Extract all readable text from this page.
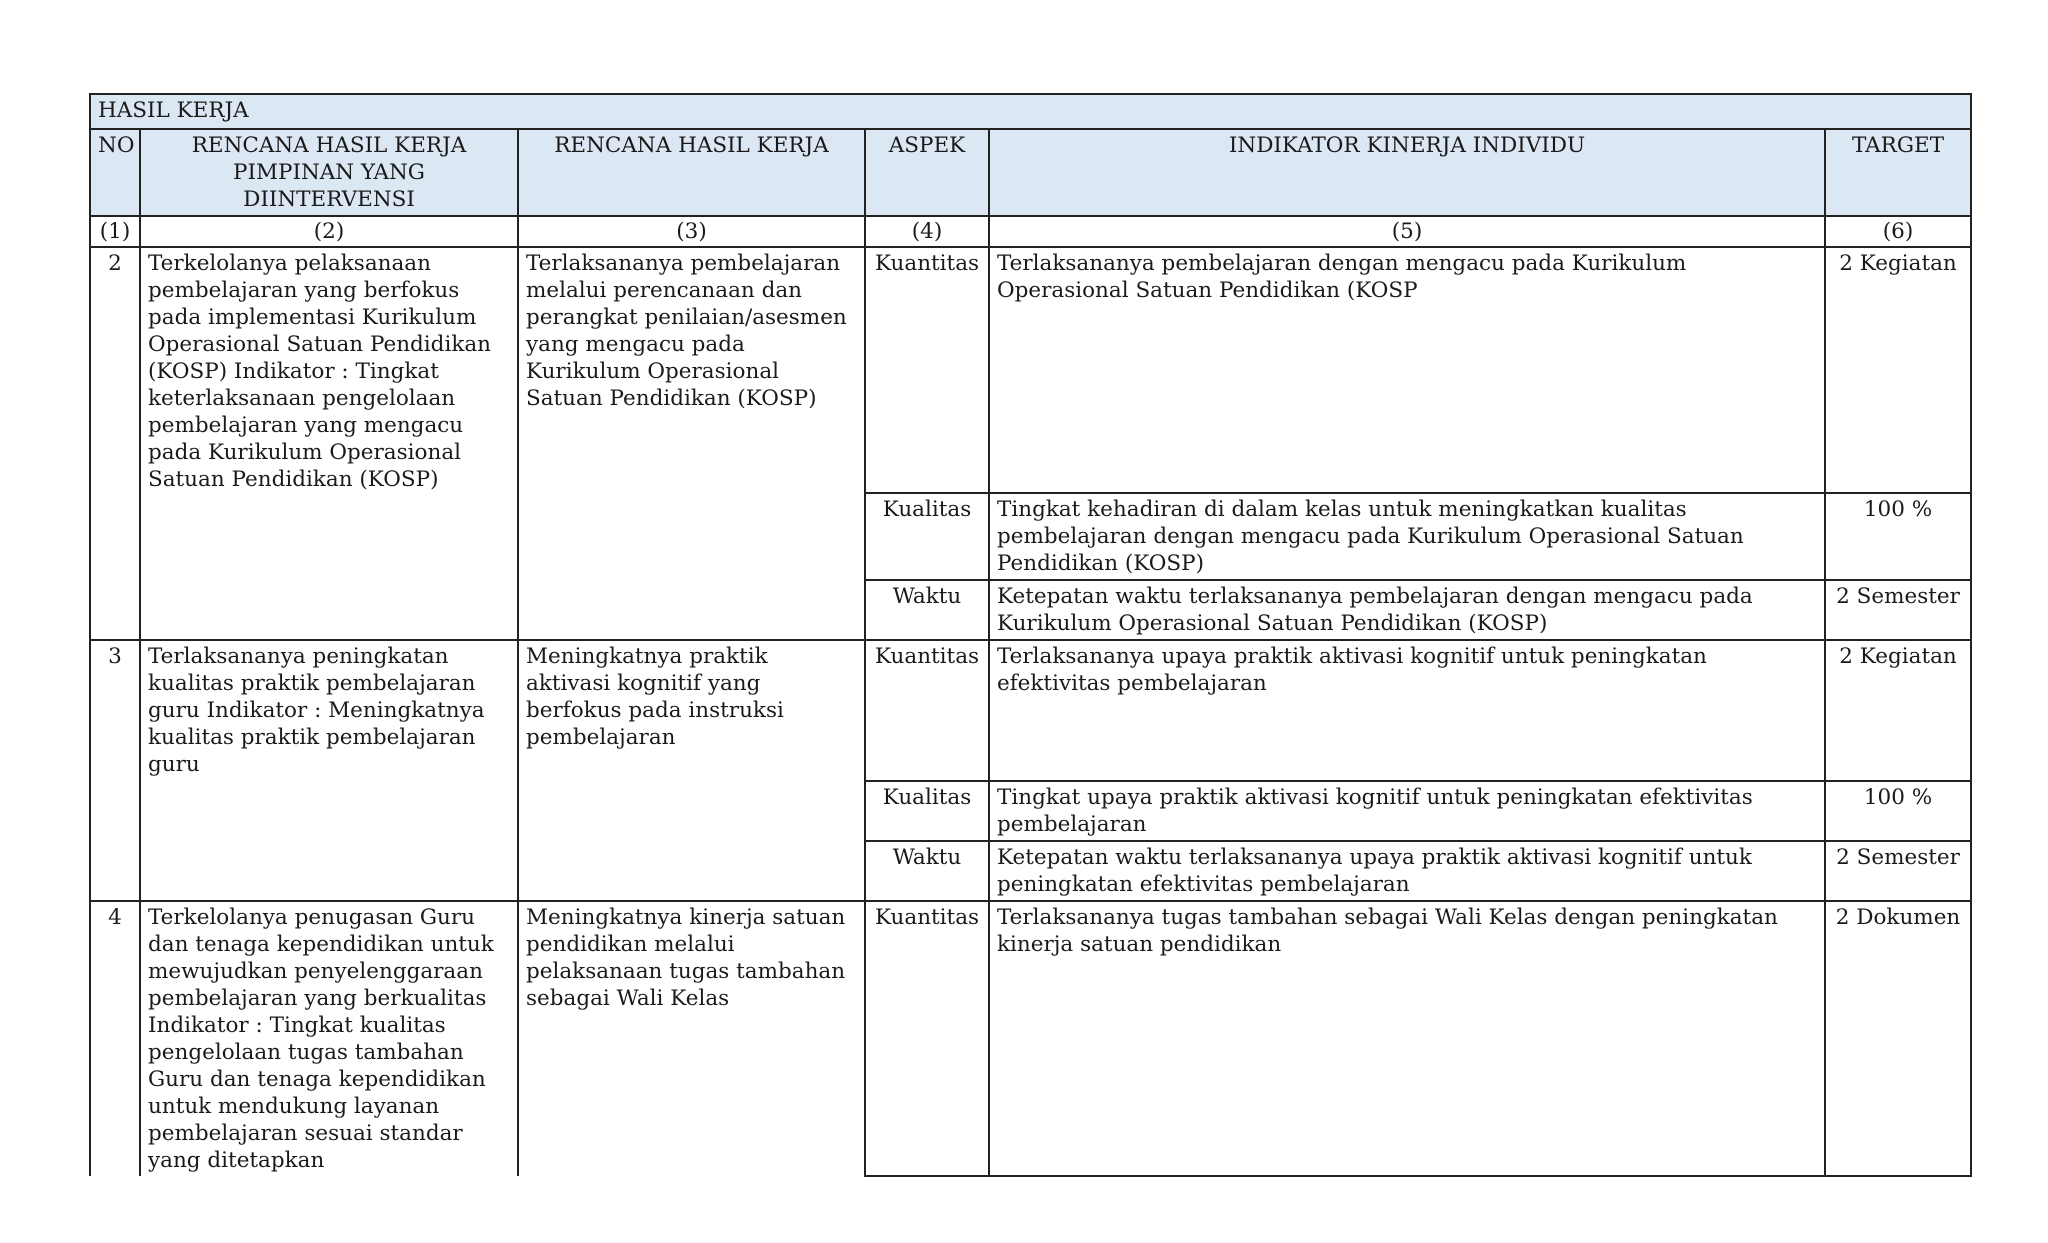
HASIL KERJA					
NO	RENCANA HASIL KERJA PIMPINAN YANG DIINTERVENSI	RENCANA HASIL KERJA	ASPEK	INDIKATOR KINERJA INDIVIDU	TARGET
(1)	(2)	(3)	(4)	(5)	(6)
2	Terkelolanya pelaksanaan pembelajaran yang berfokus pada implementasi Kurikulum Operasional Satuan Pendidikan (KOSP) Indikator : Tingkat keterlaksanaan pengelolaan pembelajaran yang mengacu pada Kurikulum Operasional Satuan Pendidikan (KOSP)	Terlaksananya pembelajaran melalui perencanaan dan perangkat penilaian/asesmen yang mengacu pada Kurikulum Operasional Satuan Pendidikan (KOSP)	Kuantitas	Terlaksananya pembelajaran dengan mengacu pada Kurikulum Operasional Satuan Pendidikan (KOSP	2 Kegiatan
			Kualitas	Tingkat kehadiran di dalam kelas untuk meningkatkan kualitas pembelajaran dengan mengacu pada Kurikulum Operasional Satuan Pendidikan (KOSP)	100 %
			Waktu	Ketepatan waktu terlaksananya pembelajaran dengan mengacu pada Kurikulum Operasional Satuan Pendidikan (KOSP)	2 Semester
3	Terlaksananya peningkatan kualitas praktik pembelajaran guru Indikator : Meningkatnya kualitas praktik pembelajaran guru	Meningkatnya praktik aktivasi kognitif yang berfokus pada instruksi pembelajaran	Kuantitas	Terlaksananya upaya praktik aktivasi kognitif untuk peningkatan efektivitas pembelajaran	2 Kegiatan
			Kualitas	Tingkat upaya praktik aktivasi kognitif untuk peningkatan efektivitas pembelajaran	100 %
			Waktu	Ketepatan waktu terlaksananya upaya praktik aktivasi kognitif untuk peningkatan efektivitas pembelajaran	2 Semester
4	Terkelolanya penugasan Guru dan tenaga kependidikan untuk mewujudkan penyelenggaraan pembelajaran yang berkualitas Indikator : Tingkat kualitas pengelolaan tugas tambahan Guru dan tenaga kependidikan untuk mendukung layanan pembelajaran sesuai standar yang ditetapkan	Meningkatnya kinerja satuan pendidikan melalui pelaksanaan tugas tambahan sebagai Wali Kelas	Kuantitas	Terlaksananya tugas tambahan sebagai Wali Kelas dengan peningkatan kinerja satuan pendidikan	2 Dokumen
